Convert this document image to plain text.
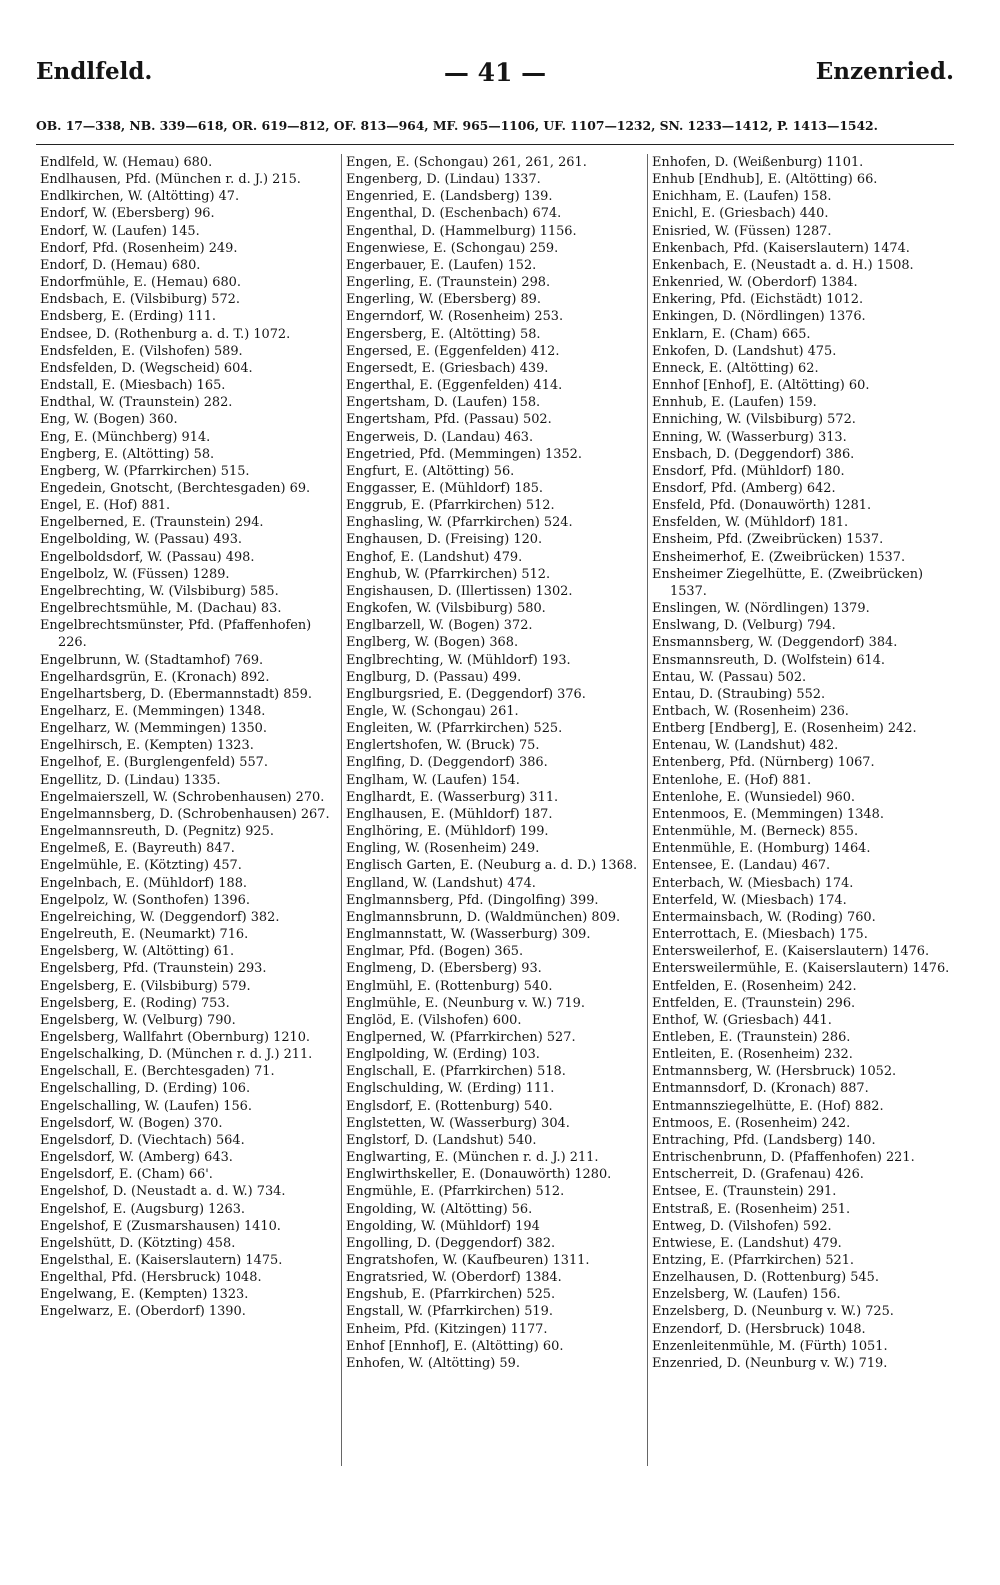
Endlfeld.	— 41 —	Enzenried.
OB. 17—338, NB. 339—618, OR. 619—812, OF. 813—964, MF. 965—1106, UF. 1107—1232, SN. 1233—1412, P. 1413—1542.
Endlfeld, W. (Hemau) 680.
Endlhausen, Pfd. (München r. d. J.) 215.
Endlkirchen, W. (Altötting) 47.
Endorf, W. (Ebersberg) 96.
Endorf, W. (Laufen) 145.
Endorf, Pfd. (Rosenheim) 249.
Endorf, D. (Hemau) 680.
Endorfmühle, E. (Hemau) 680.
Endsbach, E. (Vilsbiburg) 572.
Endsberg, E. (Erding) 111.
Endsee, D. (Rothenburg a. d. T.) 1072.
Endsfelden, E. (Vilshofen) 589.
Endsfelden, D. (Wegscheid) 604.
Endstall, E. (Miesbach) 165.
Endthal, W. (Traunstein) 282.
Eng, W. (Bogen) 360.
Eng, E. (Münchberg) 914.
Engberg, E. (Altötting) 58.
Engberg, W. (Pfarrkirchen) 515.
Engedein, Gnotscht, (Berchtesgaden) 69.
Engel, E. (Hof) 881.
Engelberned, E. (Traunstein) 294.
Engelbolding, W. (Passau) 493.
Engelboldsdorf, W. (Passau) 498.
Engelbolz, W. (Füssen) 1289.
Engelbrechting, W. (Vilsbiburg) 585.
Engelbrechtsmühle, M. (Dachau) 83.
Engelbrechtsmünster, Pfd. (Pfaffenhofen) 226.
Engelbrunn, W. (Stadtamhof) 769.
Engelhardsgrün, E. (Kronach) 892.
Engelhartsberg, D. (Ebermannstadt) 859.
Engelharz, E. (Memmingen) 1348.
Engelharz, W. (Memmingen) 1350.
Engelhirsch, E. (Kempten) 1323.
Engelhof, E. (Burglengenfeld) 557.
Engellitz, D. (Lindau) 1335.
Engelmaierszell, W. (Schrobenhausen) 270.
Engelmannsberg, D. (Schrobenhausen) 267.
Engelmannsreuth, D. (Pegnitz) 925.
Engelmeß, E. (Bayreuth) 847.
Engelmühle, E. (Kötzting) 457.
Engelnbach, E. (Mühldorf) 188.
Engelpolz, W. (Sonthofen) 1396.
Engelreiching, W. (Deggendorf) 382.
Engelreuth, E. (Neumarkt) 716.
Engelsberg, W. (Altötting) 61.
Engelsberg, Pfd. (Traunstein) 293.
Engelsberg, E. (Vilsbiburg) 579.
Engelsberg, E. (Roding) 753.
Engelsberg, W. (Velburg) 790.
Engelsberg, Wallfahrt (Obernburg) 1210.
Engelschalking, D. (München r. d. J.) 211.
Engelschall, E. (Berchtesgaden) 71.
Engelschalling, D. (Erding) 106.
Engelschalling, W. (Laufen) 156.
Engelsdorf, W. (Bogen) 370.
Engelsdorf, D. (Viechtach) 564.
Engelsdorf, W. (Amberg) 643.
Engelsdorf, E. (Cham) 66'.
Engelshof, D. (Neustadt a. d. W.) 734.
Engelshof, E. (Augsburg) 1263.
Engelshof, E (Zusmarshausen) 1410.
Engelshütt, D. (Kötzting) 458.
Engelsthal, E. (Kaiserslautern) 1475.
Engelthal, Pfd. (Hersbruck) 1048.
Engelwang, E. (Kempten) 1323.
Engelwarz, E. (Oberdorf) 1390.
Engen, E. (Schongau) 261, 261, 261.
Engenberg, D. (Lindau) 1337.
Engenried, E. (Landsberg) 139.
Engenthal, D. (Eschenbach) 674.
Engenthal, D. (Hammelburg) 1156.
Engenwiese, E. (Schongau) 259.
Engerbauer, E. (Laufen) 152.
Engerling, E. (Traunstein) 298.
Engerling, W. (Ebersberg) 89.
Engerndorf, W. (Rosenheim) 253.
Engersberg, E. (Altötting) 58.
Engersed, E. (Eggenfelden) 412.
Engersedt, E. (Griesbach) 439.
Engerthal, E. (Eggenfelden) 414.
Engertsham, D. (Laufen) 158.
Engertsham, Pfd. (Passau) 502.
Engerweis, D. (Landau) 463.
Engetried, Pfd. (Memmingen) 1352.
Engfurt, E. (Altötting) 56.
Enggasser, E. (Mühldorf) 185.
Enggrub, E. (Pfarrkirchen) 512.
Enghasling, W. (Pfarrkirchen) 524.
Enghausen, D. (Freising) 120.
Enghof, E. (Landshut) 479.
Enghub, W. (Pfarrkirchen) 512.
Engishausen, D. (Illertissen) 1302.
Engkofen, W. (Vilsbiburg) 580.
Englbarzell, W. (Bogen) 372.
Englberg, W. (Bogen) 368.
Englbrechting, W. (Mühldorf) 193.
Englburg, D. (Passau) 499.
Englburgsried, E. (Deggendorf) 376.
Engle, W. (Schongau) 261.
Engleiten, W. (Pfarrkirchen) 525.
Englertshofen, W. (Bruck) 75.
Englfing, D. (Deggendorf) 386.
Englham, W. (Laufen) 154.
Englhardt, E. (Wasserburg) 311.
Englhausen, E. (Mühldorf) 187.
Englhöring, E. (Mühldorf) 199.
Engling, W. (Rosenheim) 249.
Englisch Garten, E. (Neuburg a. d. D.) 1368.
Englland, W. (Landshut) 474.
Englmannsberg, Pfd. (Dingolfing) 399.
Englmannsbrunn, D. (Waldmünchen) 809.
Englmannstatt, W. (Wasserburg) 309.
Englmar, Pfd. (Bogen) 365.
Englmeng, D. (Ebersberg) 93.
Englmühl, E. (Rottenburg) 540.
Englmühle, E. (Neunburg v. W.) 719.
Englöd, E. (Vilshofen) 600.
Englperned, W. (Pfarrkirchen) 527.
Englpolding, W. (Erding) 103.
Englschall, E. (Pfarrkirchen) 518.
Englschulding, W. (Erding) 111.
Englsdorf, E. (Rottenburg) 540.
Englstetten, W. (Wasserburg) 304.
Englstorf, D. (Landshut) 540.
Englwarting, E. (München r. d. J.) 211.
Englwirthskeller, E. (Donauwörth) 1280.
Engmühle, E. (Pfarrkirchen) 512.
Engolding, W. (Altötting) 56.
Engolding, W. (Mühldorf) 194
Engolling, D. (Deggendorf) 382.
Engratshofen, W. (Kaufbeuren) 1311.
Engratsried, W. (Oberdorf) 1384.
Engshub, E. (Pfarrkirchen) 525.
Engstall, W. (Pfarrkirchen) 519.
Enheim, Pfd. (Kitzingen) 1177.
Enhof [Ennhof], E. (Altötting) 60.
Enhofen, W. (Altötting) 59.
Enhofen, D. (Weißenburg) 1101.
Enhub [Endhub], E. (Altötting) 66.
Enichham, E. (Laufen) 158.
Enichl, E. (Griesbach) 440.
Enisried, W. (Füssen) 1287.
Enkenbach, Pfd. (Kaiserslautern) 1474.
Enkenbach, E. (Neustadt a. d. H.) 1508.
Enkenried, W. (Oberdorf) 1384.
Enkering, Pfd. (Eichstädt) 1012.
Enkingen, D. (Nördlingen) 1376.
Enklarn, E. (Cham) 665.
Enkofen, D. (Landshut) 475.
Enneck, E. (Altötting) 62.
Ennhof [Enhof], E. (Altötting) 60.
Ennhub, E. (Laufen) 159.
Enniching, W. (Vilsbiburg) 572.
Enning, W. (Wasserburg) 313.
Ensbach, D. (Deggendorf) 386.
Ensdorf, Pfd. (Mühldorf) 180.
Ensdorf, Pfd. (Amberg) 642.
Ensfeld, Pfd. (Donauwörth) 1281.
Ensfelden, W. (Mühldorf) 181.
Ensheim, Pfd. (Zweibrücken) 1537.
Ensheimerhof, E. (Zweibrücken) 1537.
Ensheimer Ziegelhütte, E. (Zweibrücken) 1537.
Enslingen, W. (Nördlingen) 1379.
Enslwang, D. (Velburg) 794.
Ensmannsberg, W. (Deggendorf) 384.
Ensmannsreuth, D. (Wolfstein) 614.
Entau, W. (Passau) 502.
Entau, D. (Straubing) 552.
Entbach, W. (Rosenheim) 236.
Entberg [Endberg], E. (Rosenheim) 242.
Entenau, W. (Landshut) 482.
Entenberg, Pfd. (Nürnberg) 1067.
Entenlohe, E. (Hof) 881.
Entenlohe, E. (Wunsiedel) 960.
Entenmoos, E. (Memmingen) 1348.
Entenmühle, M. (Berneck) 855.
Entenmühle, E. (Homburg) 1464.
Entensee, E. (Landau) 467.
Enterbach, W. (Miesbach) 174.
Enterfeld, W. (Miesbach) 174.
Entermainsbach, W. (Roding) 760.
Enterrottach, E. (Miesbach) 175.
Entersweilerhof, E. (Kaiserslautern) 1476.
Entersweilermühle, E. (Kaiserslautern) 1476.
Entfelden, E. (Rosenheim) 242.
Entfelden, E. (Traunstein) 296.
Enthof, W. (Griesbach) 441.
Entleben, E. (Traunstein) 286.
Entleiten, E. (Rosenheim) 232.
Entmannsberg, W. (Hersbruck) 1052.
Entmannsdorf, D. (Kronach) 887.
Entmannsziegelhütte, E. (Hof) 882.
Entmoos, E. (Rosenheim) 242.
Entraching, Pfd. (Landsberg) 140.
Entrischenbrunn, D. (Pfaffenhofen) 221.
Entscherreit, D. (Grafenau) 426.
Entsee, E. (Traunstein) 291.
Entstraß, E. (Rosenheim) 251.
Entweg, D. (Vilshofen) 592.
Entwiese, E. (Landshut) 479.
Entzing, E. (Pfarrkirchen) 521.
Enzelhausen, D. (Rottenburg) 545.
Enzelsberg, W. (Laufen) 156.
Enzelsberg, D. (Neunburg v. W.) 725.
Enzendorf, D. (Hersbruck) 1048.
Enzenleitenmühle, M. (Fürth) 1051.
Enzenried, D. (Neunburg v. W.) 719.
